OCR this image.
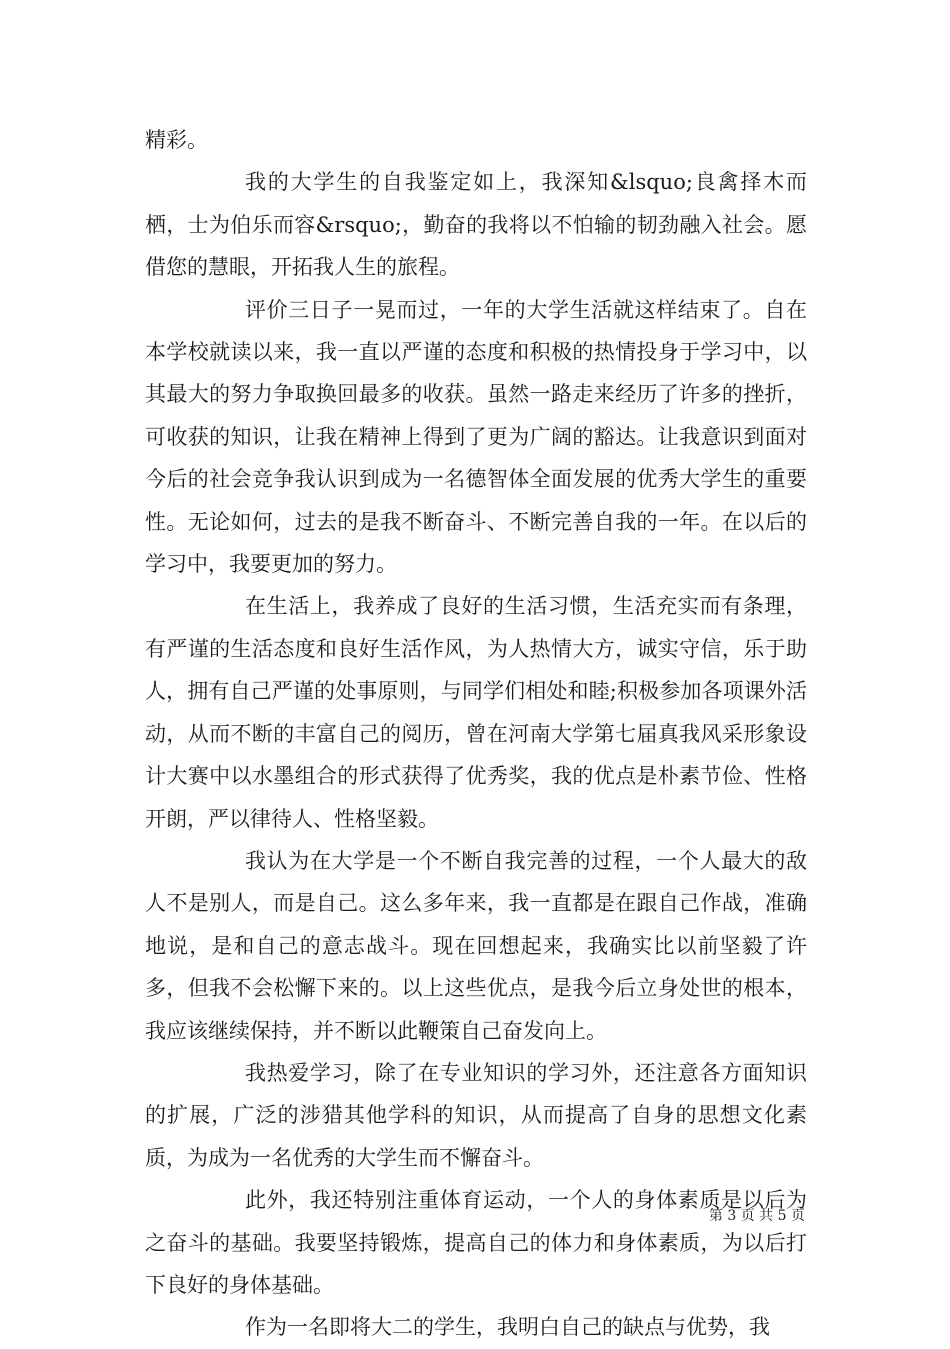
精彩。

我的大学生的自我鉴定如上，我深知&lsquo;良禽择木而栖，士为伯乐而容&rsquo;，勤奋的我将以不怕输的韧劲融入社会。愿借您的慧眼，开拓我人生的旅程。

评价三日子一晃而过，一年的大学生活就这样结束了。自在本学校就读以来，我一直以严谨的态度和积极的热情投身于学习中，以其最大的努力争取换回最多的收获。虽然一路走来经历了许多的挫折，可收获的知识，让我在精神上得到了更为广阔的豁达。让我意识到面对今后的社会竞争我认识到成为一名德智体全面发展的优秀大学生的重要性。无论如何，过去的是我不断奋斗、不断完善自我的一年。在以后的学习中，我要更加的努力。

在生活上，我养成了良好的生活习惯，生活充实而有条理，有严谨的生活态度和良好生活作风，为人热情大方，诚实守信，乐于助人，拥有自己严谨的处事原则，与同学们相处和睦;积极参加各项课外活动，从而不断的丰富自己的阅历，曾在河南大学第七届真我风采形象设计大赛中以水墨组合的形式获得了优秀奖，我的优点是朴素节俭、性格开朗，严以律待人、性格坚毅。

我认为在大学是一个不断自我完善的过程，一个人最大的敌人不是别人，而是自己。这么多年来，我一直都是在跟自己作战，准确地说，是和自己的意志战斗。现在回想起来，我确实比以前坚毅了许多，但我不会松懈下来的。以上这些优点，是我今后立身处世的根本，我应该继续保持，并不断以此鞭策自己奋发向上。

我热爱学习，除了在专业知识的学习外，还注意各方面知识的扩展，广泛的涉猎其他学科的知识，从而提高了自身的思想文化素质，为成为一名优秀的大学生而不懈奋斗。

此外，我还特别注重体育运动，一个人的身体素质是以后为之奋斗的基础。我要坚持锻炼，提高自己的体力和身体素质，为以后打下良好的身体基础。

作为一名即将大二的学生，我明白自己的缺点与优势，我

第 3 页 共 5 页
